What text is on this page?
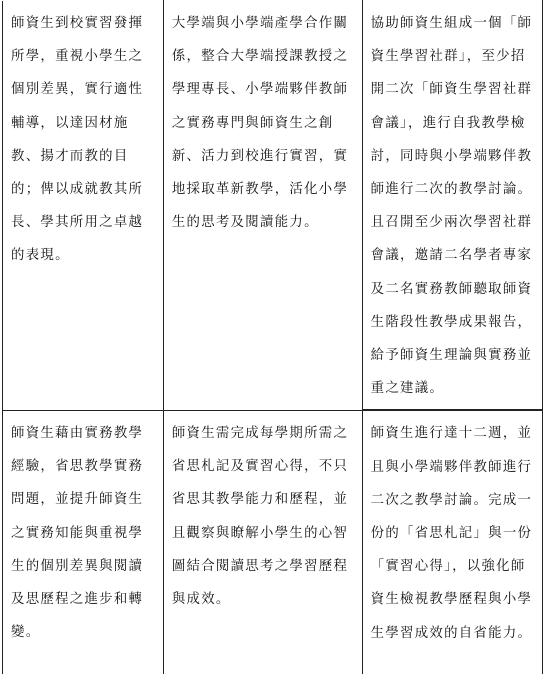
師資生到校實習發揮所學，重視小學生之個別差異，實行適性輔導，以達因材施教、揚才而教的目的；俾以成就教其所長、學其所用之卓越的表現。	大學端與小學端產學合作關係，整合大學端授課教授之學理專長、小學端夥伴教師之實務專門與師資生之創新、活力到校進行實習，實地採取革新教學，活化小學生的思考及閱讀能力。	協助師資生組成一個「師資生學習社群」，至少招開二次「師資生學習社群會議」，進行自我教學檢討，同時與小學端夥伴教師進行二次的教學討論。且召開至少兩次學習社群會議，邀請二名學者專家及二名實務教師聽取師資生階段性教學成果報告，給予師資生理論與實務並重之建議。

師資生藉由實務教學經驗，省思教學實務問題，並提升師資生之實務知能與重視學生的個別差異與閱讀及思歷程之進步和轉變。	師資生需完成每學期所需之省思札記及實習心得，不只省思其教學能力和歷程，並且觀察與瞭解小學生的心智圖結合閱讀思考之學習歷程與成效。	師資生進行達十二週，並且與小學端夥伴教師進行二次之教學討論。完成一份的「省思札記」與一份「實習心得」，以強化師資生檢視教學歷程與小學生學習成效的自省能力。
